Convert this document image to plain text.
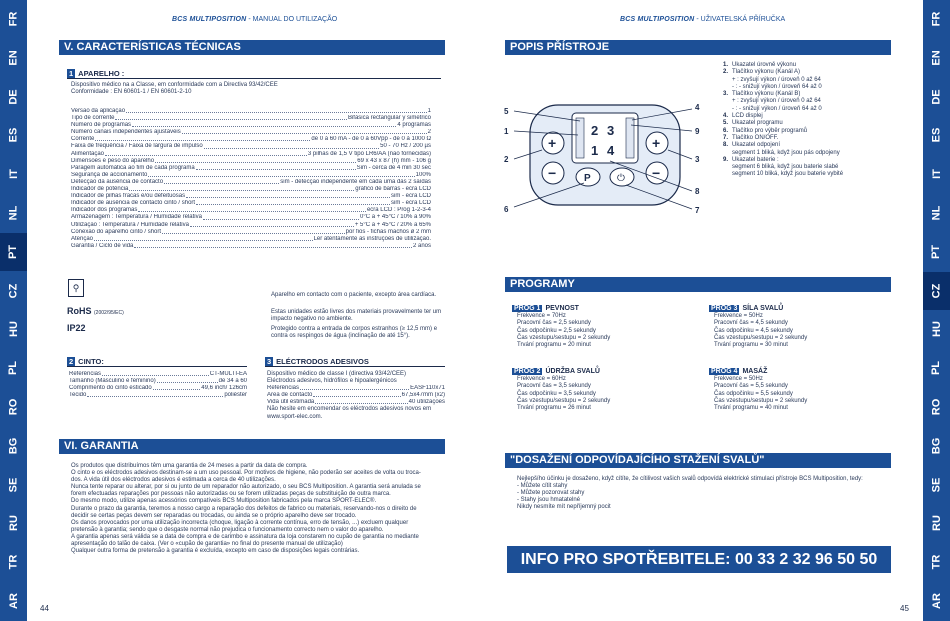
FR
EN
DE
ES
IT
NL
PT
CZ
HU
PL
RO
BG
SE
RU
TR
AR
BCS MULTIPOSITION - MANUAL DO UTILIZAÇÃO
V. CARACTERÍSTICAS TÉCNICAS
1 APARELHO :
Dispositivo médico na a Classe, em conformidade com a Directiva 93/42/CEE
Conformidade : EN 60601-1 / EN 60601-2-10
Versão da aplicação	1
Tipo de corrente	Bifásica rectangular y simetrico
Número de programas	4 programas
Número canais independentes ajustáveis	2
Corrente	de 0 à 60 mA - de 0 à 60Vpp - de 0 à 1000 Ω
Faixa de frequência / Faixa de largura de impulso	50 - 70 Hz / 200 µs
Alimentação	3 pilhas de 1,5 V tipo LR6/AA (não fornecidas)
Dimensões e peso do aparelho	69 x 43 x 87 (h) mm - 106 g
Paragem automática ao fim de cada programa	Sim - cerca de 4 min 30 sec
Segurança de accionamento	100%
Detecção da ausência de contacto	sim - detecção independente em cada uma das 2 saídas
Indicador de potência	gráfico de barras - ecrã LCD
Indicador de pilhas fracas e/ou defeituosas	sim - ecrã LCD
Indicador de ausência de contacto cinto / short	sim - ecrã LCD
Indicador dos programas	ecrã LCD : Prog 1-2-3-4
Armazenagem : Temperatura / Humidade relativa	0°C a + 45°C / 10% a 90%
Utilização : Temperatura / Humidade relativa	+ 5°C a + 45°C / 20% a 65%
Conexão do aparelho cinto / short	por fios - fichas machos ø 2 mm
Atenção	Ler atentamente as instruções de utilização.
Garantia / Ciclo de vida	2 anos
⚲
Aparelho em contacto com o paciente, excepto área cardíaca.
RoHS (2002/95/EC)	Estas unidades estão livres dos materiais provavelmente ter um impacto negativo no ambiente.
IP22	Protegido contra a entrada de corpos estranhos (≥ 12,5 mm) e contra os respingos de água (inclinação de até 15°).
2 CINTO:
Referências	CT-MULTI-EA
Tamanho (Masculino e feminino)	de 34 a 60
Comprimento do cinto esticado	49,6 inch/ 126cm
Tecido	poliéster
3 ELÉCTRODOS ADESIVOS
Dispositivo médico de classe I (directiva 93/42/CEE)
Eléctrodos adesivos, hidrófilos e hipoalergénicos
Referências	EASF110x71
Área de contacto	67,5x47mm (x2)
Vida útil estimada	40 utilizações
Não hesite em encomendar os eléctrodos adesivos novos em www.sport-elec.com.
VI. GARANTIA
Os produtos que distribuímos têm uma garantia de 24 meses a partir da data de compra.
O cinto e os eléctrodos adesivos destinam-se a um uso pessoal. Por motivos de higiene, não poderão ser aceites de volta ou troca-
dos. A vida útil dos eléctrodos adesivos é estimada a cerca de 40 utilizações.
Nunca tente reparar ou alterar, por si ou junto de um reparador não autorizado, o seu BCS Multiposition. A garantia será anulada se
forem efectuadas reparações por pessoas não autorizadas ou se forem utilizadas peças de substituição de outra marca.
Do mesmo modo, utilize apenas acessórios compatíveis BCS Multiposition fabricados pela marca SPORT-ELEC®.
Durante o prazo da garantia, teremos a nosso cargo a reparação dos defeitos de fabrico ou materiais, reservando-nos o direito de
decidir se certas peças devem ser reparadas ou trocadas, ou ainda se o próprio aparelho deve ser trocado.
Os danos provocados por uma utilização incorrecta (choque, ligação à corrente contínua, erro de tensão, ...) excluem qualquer
pretensão à garantia; sendo que o desgaste normal não prejudica o funcionamento correcto nem o valor do aparelho.
A garantia apenas será válida se a data de compra e de carimbo e assinatura da loja constarem no cupão de garantia no mediante
apresentação do talão de caixa. (Ver o «cupão de garantia» no final do presente manual de utilização)
Qualquer outra forma de pretensão à garantia é excluída, excepto em caso de disposições legais contrárias.
44
FR
EN
DE
ES
IT
NL
PT
CZ
HU
PL
RO
BG
SE
RU
TR
AR
BCS MULTIPOSITION - UŽIVATELSKÁ PŘÍRUČKA
45
POPIS PŘÍSTROJE
2 3
1 4
+
−
+
−
P	⏻
5
1
2
6
4
9
3
8
7
1. Ukazatel úrovně výkonu
2. Tlačítko výkonu (Kanál A)
+ : zvyšují výkon / úroveň 0 až 64
- : - snižují výkon / úroveň 64 až 0
3. Tlačítko výkonu (Kanál B)
+ : zvyšují výkon / úroveň 0 až 64
- : - snižují výkon / úroveň 64 až 0
4. LCD displej
5. Ukazatel programu
6. Tlačítko pro výběr programů
7. Tlačítko ON/OFF.
8. Ukazatel odpojení
segment 1 bliká, když jsou pás odpojeny
9. Ukazatel baterie :
segment 6 bliká, když jsou baterie slabé
segment 10 bliká, když jsou baterie vybité
PROGRAMY
PROG 1 PEVNOST
Frekvence = 70Hz
Pracovní čas = 2,5 sekundy
Čas odpočinku = 2,5 sekundy
Čas vzestupu/sestupu = 2 sekundy
Trvání programu = 20 minut
PROG 3 SÍLA SVALŮ
Frekvence = 50Hz
Pracovní čas = 4,5 sekundy
Čas odpočinku = 4,5 sekundy
Čas vzestupu/sestupu = 2 sekundy
Trvání programu = 30 minut
PROG 2 ÚDRŽBA SVALŮ
Frekvence = 60Hz
Pracovní čas = 3,5 sekundy
Čas odpočinku = 3,5 sekundy
Čas vzestupu/sestupu = 2 sekundy
Trvání programu = 26 minut
PROG 4 MASÁŽ
Frekvence = 50Hz
Pracovní čas = 5,5 sekundy
Čas odpočinku = 5,5 sekundy
Čas vzestupu/sestupu = 2 sekundy
Trvání programu = 40 minut
"DOSAŽENÍ ODPOVÍDAJÍCÍHO STAŽENÍ SVALŮ"
Nejlepšího účinku je dosaženo, když cítíte, že cítilivost vašich svalů odpovídá elektrické stimulaci přístroje BCS Multiposition, tedy:
- Můžete cítit stahy
- Můžete pozorovat stahy
- Stahy jsou hmatatelné
Nikdy nesmíte mít nepříjemný pocit
INFO PRO SPOTŘEBITELE: 00 33 2 32 96 50 50
